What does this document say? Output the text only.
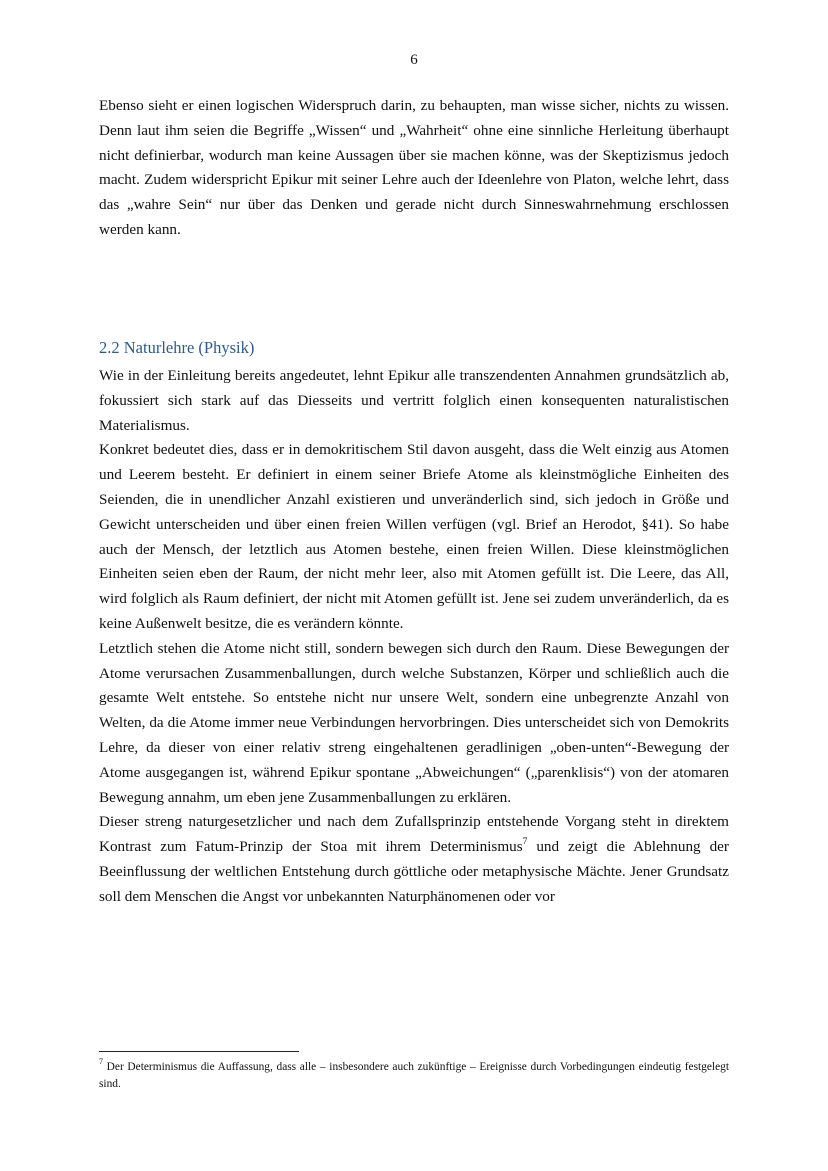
6

Ebenso sieht er einen logischen Widerspruch darin, zu behaupten, man wisse sicher, nichts zu wissen. Denn laut ihm seien die Begriffe „Wissen“ und „Wahrheit“ ohne eine sinnliche Herleitung überhaupt nicht definierbar, wodurch man keine Aussagen über sie machen könne, was der Skeptizismus jedoch macht. Zudem widerspricht Epikur mit seiner Lehre auch der Ideenlehre von Platon, welche lehrt, dass das „wahre Sein“ nur über das Denken und gerade nicht durch Sinneswahrnehmung erschlossen werden kann.

2.2 Naturlehre (Physik)

Wie in der Einleitung bereits angedeutet, lehnt Epikur alle transzendenten Annahmen grundsätzlich ab, fokussiert sich stark auf das Diesseits und vertritt folglich einen konsequenten naturalistischen Materialismus.

Konkret bedeutet dies, dass er in demokritischem Stil davon ausgeht, dass die Welt einzig aus Atomen und Leerem besteht. Er definiert in einem seiner Briefe Atome als kleinstmögliche Einheiten des Seienden, die in unendlicher Anzahl existieren und unveränderlich sind, sich jedoch in Größe und Gewicht unterscheiden und über einen freien Willen verfügen (vgl. Brief an Herodot, §41). So habe auch der Mensch, der letztlich aus Atomen bestehe, einen freien Willen. Diese kleinstmöglichen Einheiten seien eben der Raum, der nicht mehr leer, also mit Atomen gefüllt ist. Die Leere, das All, wird folglich als Raum definiert, der nicht mit Atomen gefüllt ist. Jene sei zudem unveränderlich, da es keine Außenwelt besitze, die es verändern könnte.

Letztlich stehen die Atome nicht still, sondern bewegen sich durch den Raum. Diese Bewegungen der Atome verursachen Zusammenballungen, durch welche Substanzen, Körper und schließlich auch die gesamte Welt entstehe. So entstehe nicht nur unsere Welt, sondern eine unbegrenzte Anzahl von Welten, da die Atome immer neue Verbindungen hervorbringen. Dies unterscheidet sich von Demokrits Lehre, da dieser von einer relativ streng eingehaltenen geradlinigen „oben-unten“-Bewegung der Atome ausgegangen ist, während Epikur spontane „Abweichungen“ („parenklisis“) von der atomaren Bewegung annahm, um eben jene Zusammenballungen zu erklären.

Dieser streng naturgesetzlicher und nach dem Zufallsprinzip entstehende Vorgang steht in direktem Kontrast zum Fatum-Prinzip der Stoa mit ihrem Determinismus$^7$ und zeigt die Ablehnung der Beeinflussung der weltlichen Entstehung durch göttliche oder metaphysische Mächte. Jener Grundsatz soll dem Menschen die Angst vor unbekannten Naturphänomenen oder vor

$^7$ Der Determinismus die Auffassung, dass alle – insbesondere auch zukünftige – Ereignisse durch Vorbedingungen eindeutig festgelegt sind.
